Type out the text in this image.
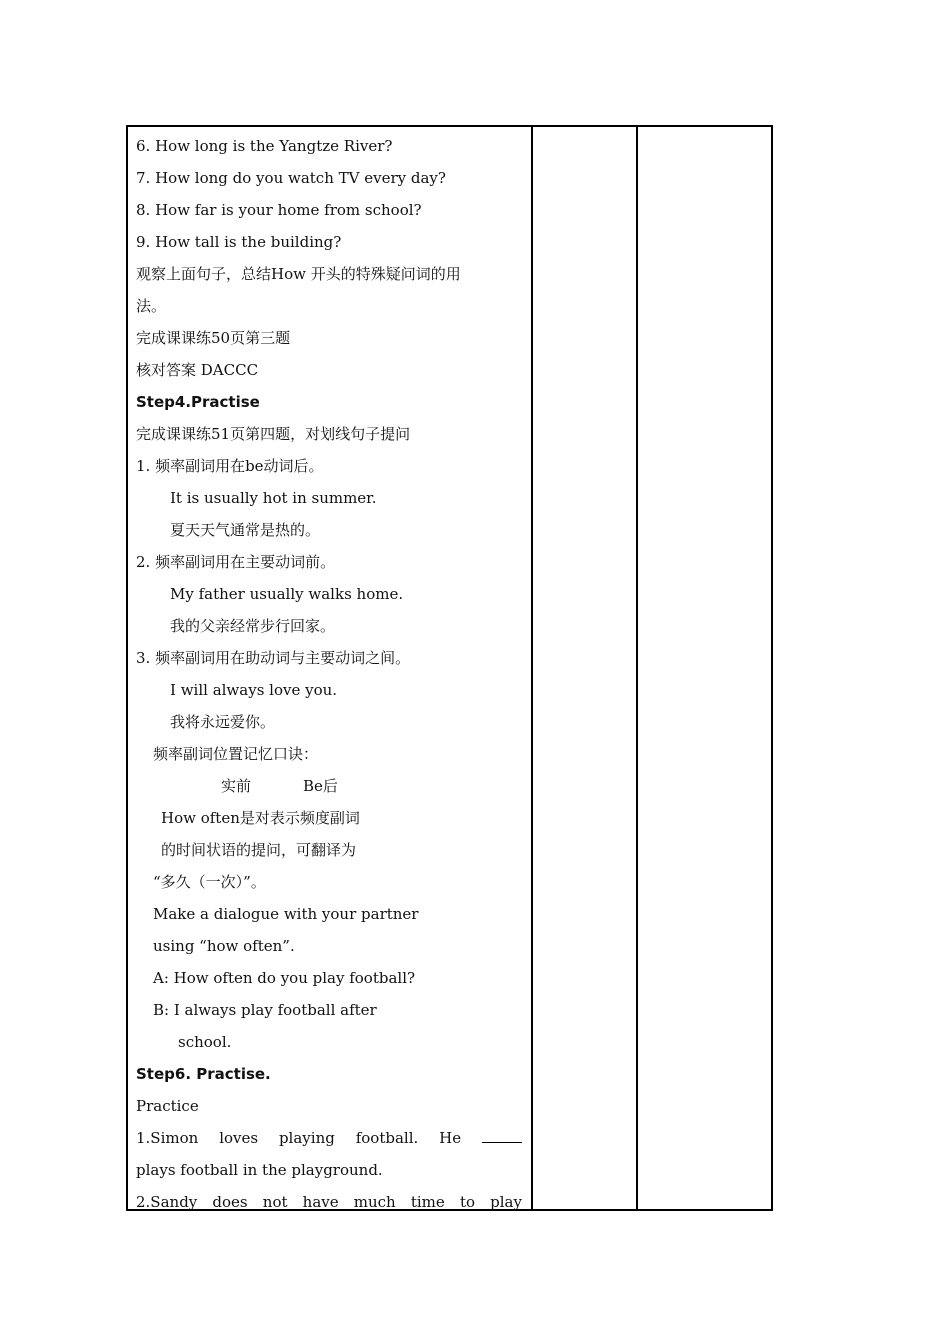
6. How long is the Yangtze River?
7. How long do you watch TV every day?
8. How far is your home from school?
9. How tall is the building?
观察上面句子，总结How 开头的特殊疑问词的用
法。
完成课课练50页第三题
核对答案 DACCC
Step4.Practise
完成课课练51页第四题，对划线句子提问
1. 频率副词用在be动词后。
It is usually hot in summer.
夏天天气通常是热的。
2. 频率副词用在主要动词前。
My father usually walks home.
我的父亲经常步行回家。
3. 频率副词用在助动词与主要动词之间。
I will always love you.
我将永远爱你。
频率副词位置记忆口诀：
实前	Be后
How often是对表示频度副词
的时间状语的提问，可翻译为
“多久（一次）”。
Make a dialogue with your partner
using “how often”.
A: How often do you play football?
B: I always play football after
school.
Step6. Practise.
Practice
1.Simon loves playing football. He
plays football in the playground.
2.Sandy does not have much time to play
